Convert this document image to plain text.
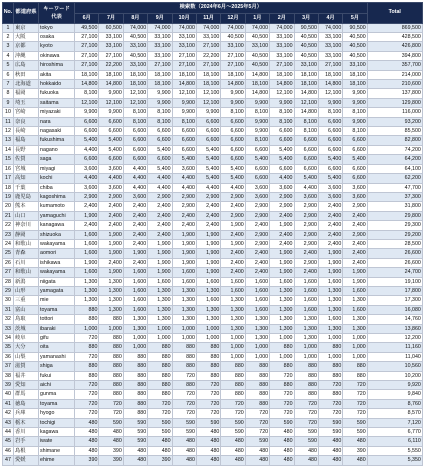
No.	都道府県	キーワード
代表	検索数（2024年6月～2025年5月）												Total
			6月	7月	8月	9月	10月	11月	12月	1月	2月	3月	4月	5月	
1	東京	tokyo	49,500	60,500	74,000	74,000	74,000	74,000	74,000	74,000	74,000	90,500	74,000	90,500	869,500
2	大阪	osaka	27,100	33,100	40,500	33,100	33,100	33,100	40,500	40,500	33,100	40,500	33,100	40,500	428,500
3	京都	kyoto	27,100	33,100	33,100	33,100	33,100	27,100	33,100	33,100	33,100	40,500	33,100	40,500	426,800
4	沖縄	okinawa	27,100	27,100	40,500	33,100	27,100	22,200	27,100	40,500	33,100	40,500	33,100	40,500	394,800
5	広島	hiroshima	27,100	22,200	33,100	27,100	27,100	27,100	27,100	40,500	27,100	33,100	27,100	33,100	357,700
6	秋田	akita	18,100	18,100	18,100	18,100	18,100	18,100	18,100	14,800	18,100	18,100	18,100	18,100	214,000
7	北海道	hokkaido	14,800	14,800	18,100	18,100	14,800	18,100	14,800	18,100	14,800	18,100	14,800	18,100	210,600
8	福岡	fukuoka	8,100	9,900	12,100	9,900	12,100	12,100	9,900	14,800	12,100	14,800	12,100	9,900	137,800
9	埼玉	saitama	12,100	12,100	12,100	9,900	9,900	12,100	9,900	9,900	9,900	12,100	9,900	9,900	129,800
10	宮崎	miyazaki	9,900	9,900	8,100	8,100	9,900	9,900	8,100	8,100	8,100	14,800	8,100	8,100	116,000
11	奈良	nara	6,600	6,600	8,100	8,100	8,100	6,600	6,600	9,900	8,100	8,100	6,600	9,900	93,200
12	長崎	nagasaki	6,600	6,600	6,600	6,600	6,600	6,600	6,600	9,900	6,600	8,100	6,600	8,100	85,500
13	福島	fukushima	5,400	5,400	6,600	6,600	6,600	6,600	6,600	8,100	6,600	6,600	6,600	6,600	82,800
14	長野	nagano	4,400	5,400	6,600	5,400	6,600	5,400	6,600	6,600	5,400	6,600	6,600	6,600	74,200
15	佐賀	saga	6,600	6,600	6,600	6,600	5,400	5,400	6,600	5,400	5,400	6,600	5,400	5,400	64,200
16	宮城	miyagi	3,600	3,600	4,400	5,400	3,600	5,400	5,400	6,600	6,600	6,600	6,600	6,600	64,100
17	高知	kochi	4,400	4,400	4,400	4,400	4,400	5,400	5,400	6,600	4,400	5,400	5,400	6,600	62,200
18	千葉	chiba	3,600	3,600	4,400	4,400	4,400	4,400	4,400	3,600	3,600	4,400	3,600	3,600	47,700
19	鹿児島	kagoshima	2,900	2,900	3,600	2,900	2,900	2,900	2,900	3,600	2,900	3,600	3,600	3,600	37,300
20	熊本	kumamoto	2,400	2,400	2,400	2,400	2,900	2,400	2,400	2,900	2,900	2,900	2,400	2,900	31,800
21	山口	yamaguchi	1,900	2,400	2,400	2,400	2,400	2,400	2,900	2,900	2,400	2,900	2,400	2,400	29,800
22	神奈川	kanagawa	2,400	2,400	2,400	2,400	2,400	2,400	1,900	2,400	1,900	2,900	2,400	2,400	29,300
23	静岡	shizuoka	1,600	1,900	2,400	2,400	1,900	1,900	2,400	2,900	2,400	2,900	2,400	2,900	29,200
24	和歌山	wakayama	1,600	1,900	2,400	1,900	1,900	1,900	1,900	2,900	2,400	2,900	2,400	2,400	28,500
25	青森	aomori	1,600	1,900	1,900	1,900	1,900	1,900	2,400	2,400	1,900	2,400	1,900	2,400	26,600
26	石川	ishikawa	1,900	2,400	2,400	1,900	1,900	1,900	2,400	2,400	1,900	2,900	1,900	2,400	26,600
27	和歌山	wakayama	1,600	1,900	1,600	1,900	1,600	1,900	2,400	2,400	1,900	2,400	1,900	1,900	24,700
28	新潟	niigata	1,300	1,300	1,600	1,600	1,600	1,600	1,600	1,600	1,600	1,600	1,600	1,900	19,100
29	山形	yamagata	1,300	1,300	1,600	1,300	1,300	1,300	1,600	1,600	1,300	1,600	1,300	1,600	17,800
30	三重	mie	1,300	1,300	1,600	1,300	1,300	1,600	1,300	1,600	1,300	1,600	1,300	1,300	17,300
31	富山	toyama	880	1,300	1,600	1,300	1,300	1,300	1,300	1,600	1,300	1,600	1,300	1,600	16,080
32	鳥取	tottori	880	880	1,300	1,300	1,300	1,300	1,300	1,300	1,300	1,300	1,600	1,300	14,760
33	茨城	ibaraki	1,000	1,000	1,300	1,000	1,000	1,000	1,300	1,300	1,300	1,300	1,300	1,300	13,860
34	岐阜	gifu	720	880	1,000	1,000	1,000	1,000	1,000	1,300	1,000	1,300	1,000	1,000	12,200
35	大分	oita	880	880	1,000	880	880	880	1,000	1,000	880	1,000	880	1,000	11,160
36	山梨	yamanashi	720	880	880	880	880	880	1,000	1,000	1,000	1,000	1,000	1,000	11,040
37	滋賀	shiga	880	880	880	880	880	880	880	880	880	880	880	880	10,560
38	福井	fukui	880	880	880	880	720	880	880	880	720	880	880	880	10,200
39	愛知	aichi	720	880	880	880	880	720	880	880	880	880	720	720	9,920
40	群馬	gunma	720	880	880	880	720	720	880	880	720	880	880	720	9,840
41	徳島	toyama	720	720	880	720	720	720	720	880	720	720	720	720	8,760
42	兵庫	hyogo	720	720	880	720	720	720	720	720	720	720	720	720	8,570
43	栃木	tochigi	480	590	590	590	590	590	590	720	590	720	590	590	7,120
44	香川	kagawa	480	480	590	590	590	480	590	720	480	590	590	590	6,770
45	岩手	iwate	480	480	590	480	480	480	480	590	480	590	480	480	6,110
46	島根	shimane	480	390	480	480	480	480	480	480	480	480	480	390	5,550
47	愛媛	ehime	390	390	480	390	480	480	480	480	480	480	480	480	5,350
